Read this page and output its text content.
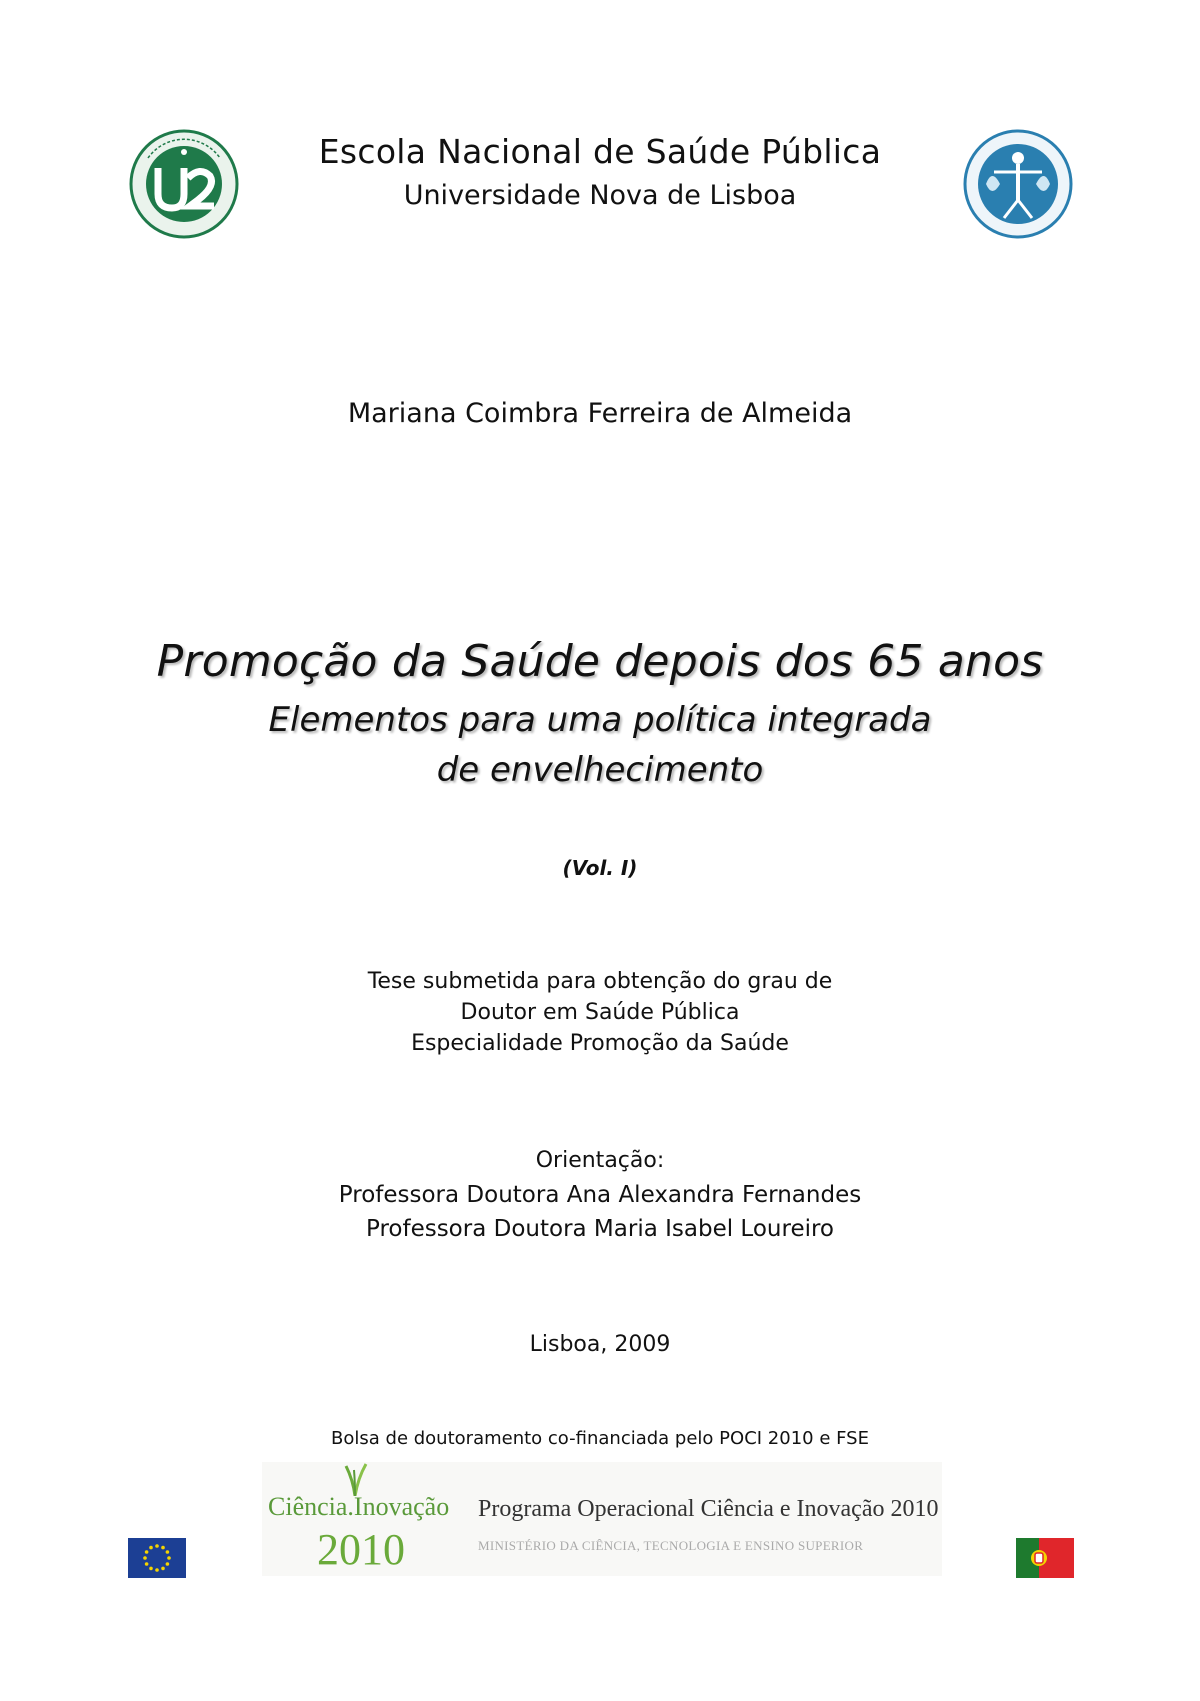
Escola Nacional de Saúde Pública
Universidade Nova de Lisboa
Mariana Coimbra Ferreira de Almeida
Promoção da Saúde depois dos 65 anos
Elementos para uma política integrada
de envelhecimento
(Vol. I)
Tese submetida para obtenção do grau de
Doutor em Saúde Pública
Especialidade Promoção da Saúde
Orientação:
Professora Doutora Ana Alexandra Fernandes
Professora Doutora Maria Isabel Loureiro
Lisboa, 2009
Bolsa de doutoramento co-financiada pelo POCI 2010 e FSE
Ciência.Inovação
2010
Programa Operacional Ciência e Inovação 2010
MINISTÉRIO DA CIÊNCIA, TECNOLOGIA E ENSINO SUPERIOR
